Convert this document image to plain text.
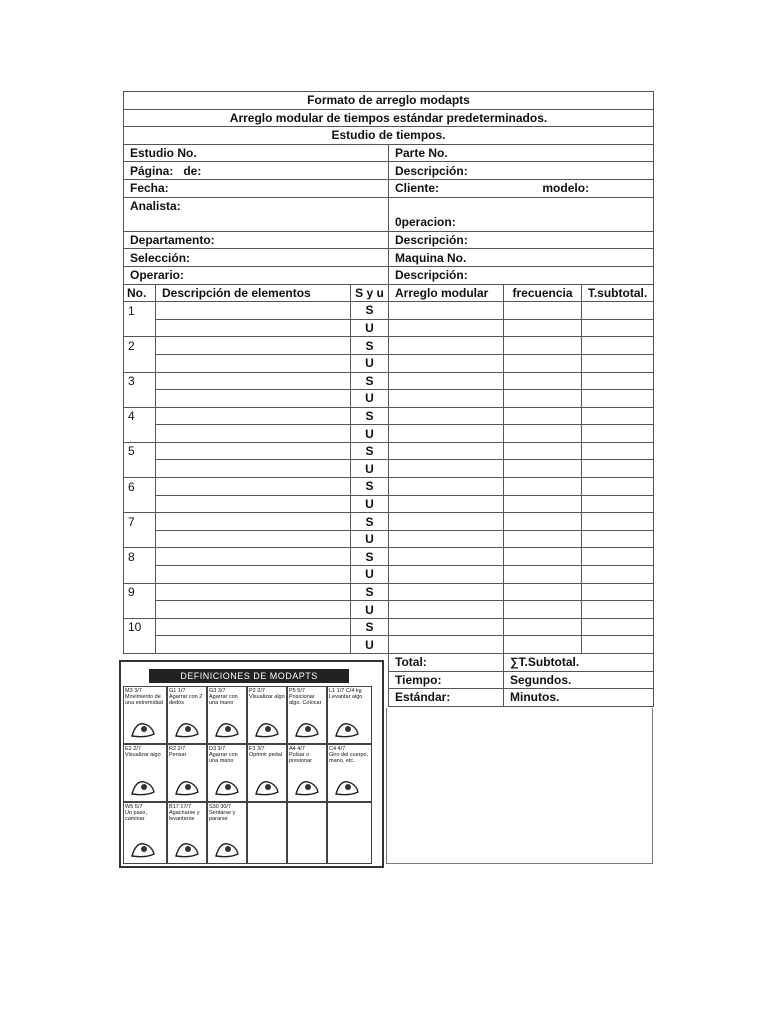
Formato de arreglo modapts					
Arreglo modular de tiempos estándar predeterminados.					
Estudio de tiempos.					
Estudio No.			Parte No.		
Página:   de:			Descripción:		
Fecha:			Cliente: modelo:		
Analista:					
			0peracion:		
Departamento:			Descripción:		
Selección:			Maquina No.		
Operario:			Descripción:		
No.	Descripción de elementos	S y u	Arreglo modular	frecuencia	T.subtotal.
1		S			
		U			
2		S			
		U			
3		S			
		U			
4		S			
		U			
5		S			
		U			
6		S			
		U			
7		S			
		U			
8		S			
		U			
9		S			
		U			
10		S			
		U			
			Total:	∑T.Subtotal.	
			Tiempo:	Segundos.	
			Estándar:	Minutos.	
DEFINICIONES DE MODAPTS
M3 3/7
Movimiento de una extremidad
G1 1/7
Agarrar con 2 dedos
G3 3/7
Agarrar con una mano
P2 2/7
Visualizar algo
P5 5/7
Posicionar algo. Colocar
L1 1/7 C/4 kg
Levantar algo
E2 2/7
Visualizar algo
R2 2/7
Pensar
D3 3/7
Agarrar con una mano
F3 3/7
Oprimir pedal
A4 4/7
Pulsar o presionar
C4 4/7
Giro del cuerpo, mano, etc.
W5 5/7
Un paso, caminar
B17 17/7
Agacharse y levantarse
S30 30/7
Sentarse y pararse
